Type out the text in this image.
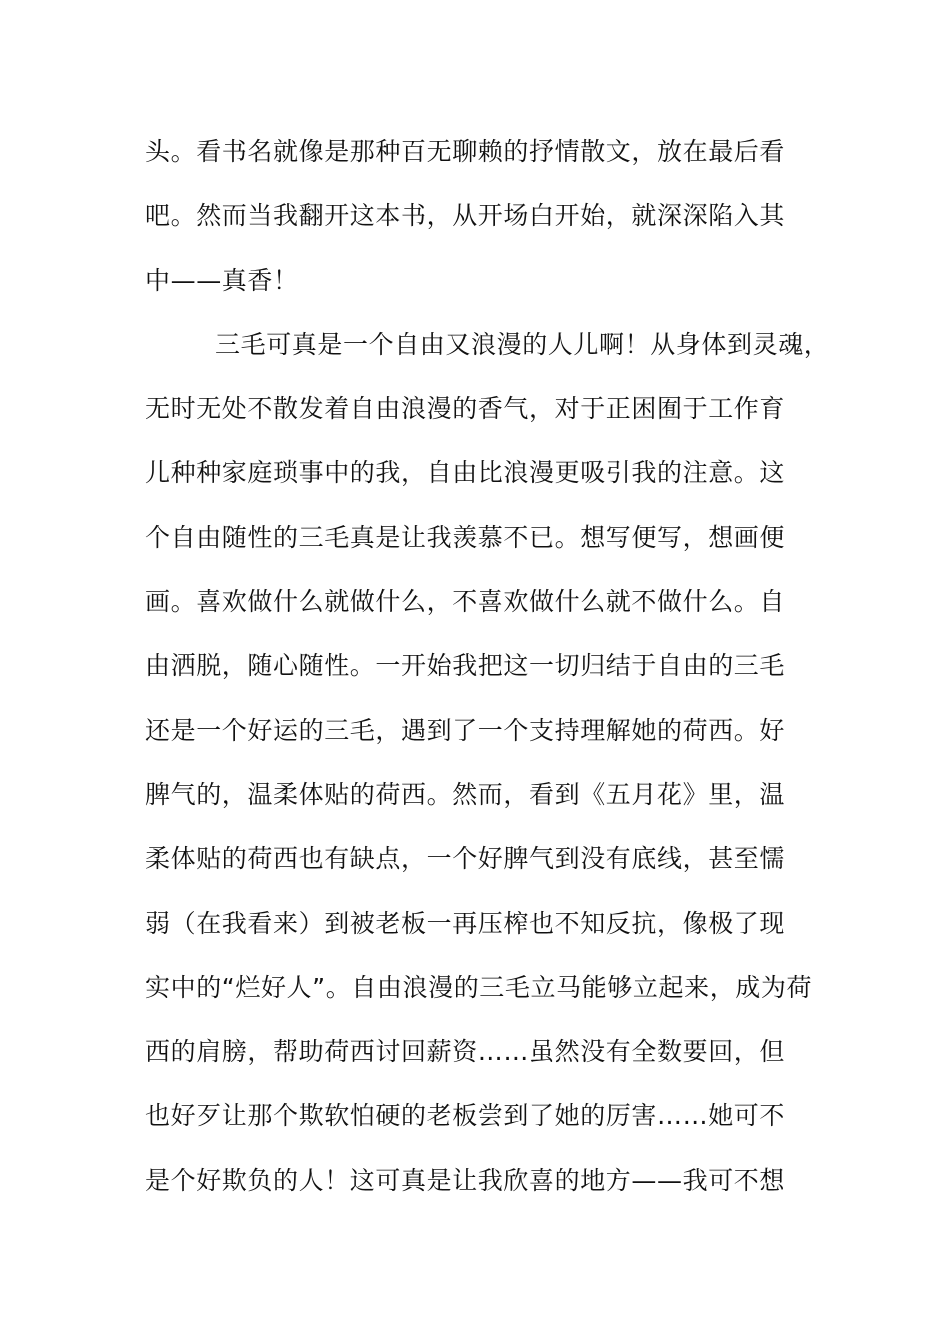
头。看书名就像是那种百无聊赖的抒情散文，放在最后看
吧。然而当我翻开这本书，从开场白开始，就深深陷入其
中——真香！
三毛可真是一个自由又浪漫的人儿啊！从身体到灵魂，
无时无处不散发着自由浪漫的香气，对于正困囿于工作育
儿种种家庭琐事中的我，自由比浪漫更吸引我的注意。这
个自由随性的三毛真是让我羡慕不已。想写便写，想画便
画。喜欢做什么就做什么，不喜欢做什么就不做什么。自
由洒脱，随心随性。一开始我把这一切归结于自由的三毛
还是一个好运的三毛，遇到了一个支持理解她的荷西。好
脾气的，温柔体贴的荷西。然而，看到《五月花》里，温
柔体贴的荷西也有缺点，一个好脾气到没有底线，甚至懦
弱（在我看来）到被老板一再压榨也不知反抗，像极了现
实中的“烂好人”。自由浪漫的三毛立马能够立起来，成为荷
西的肩膀，帮助荷西讨回薪资……虽然没有全数要回，但
也好歹让那个欺软怕硬的老板尝到了她的厉害……她可不
是个好欺负的人！这可真是让我欣喜的地方——我可不想
